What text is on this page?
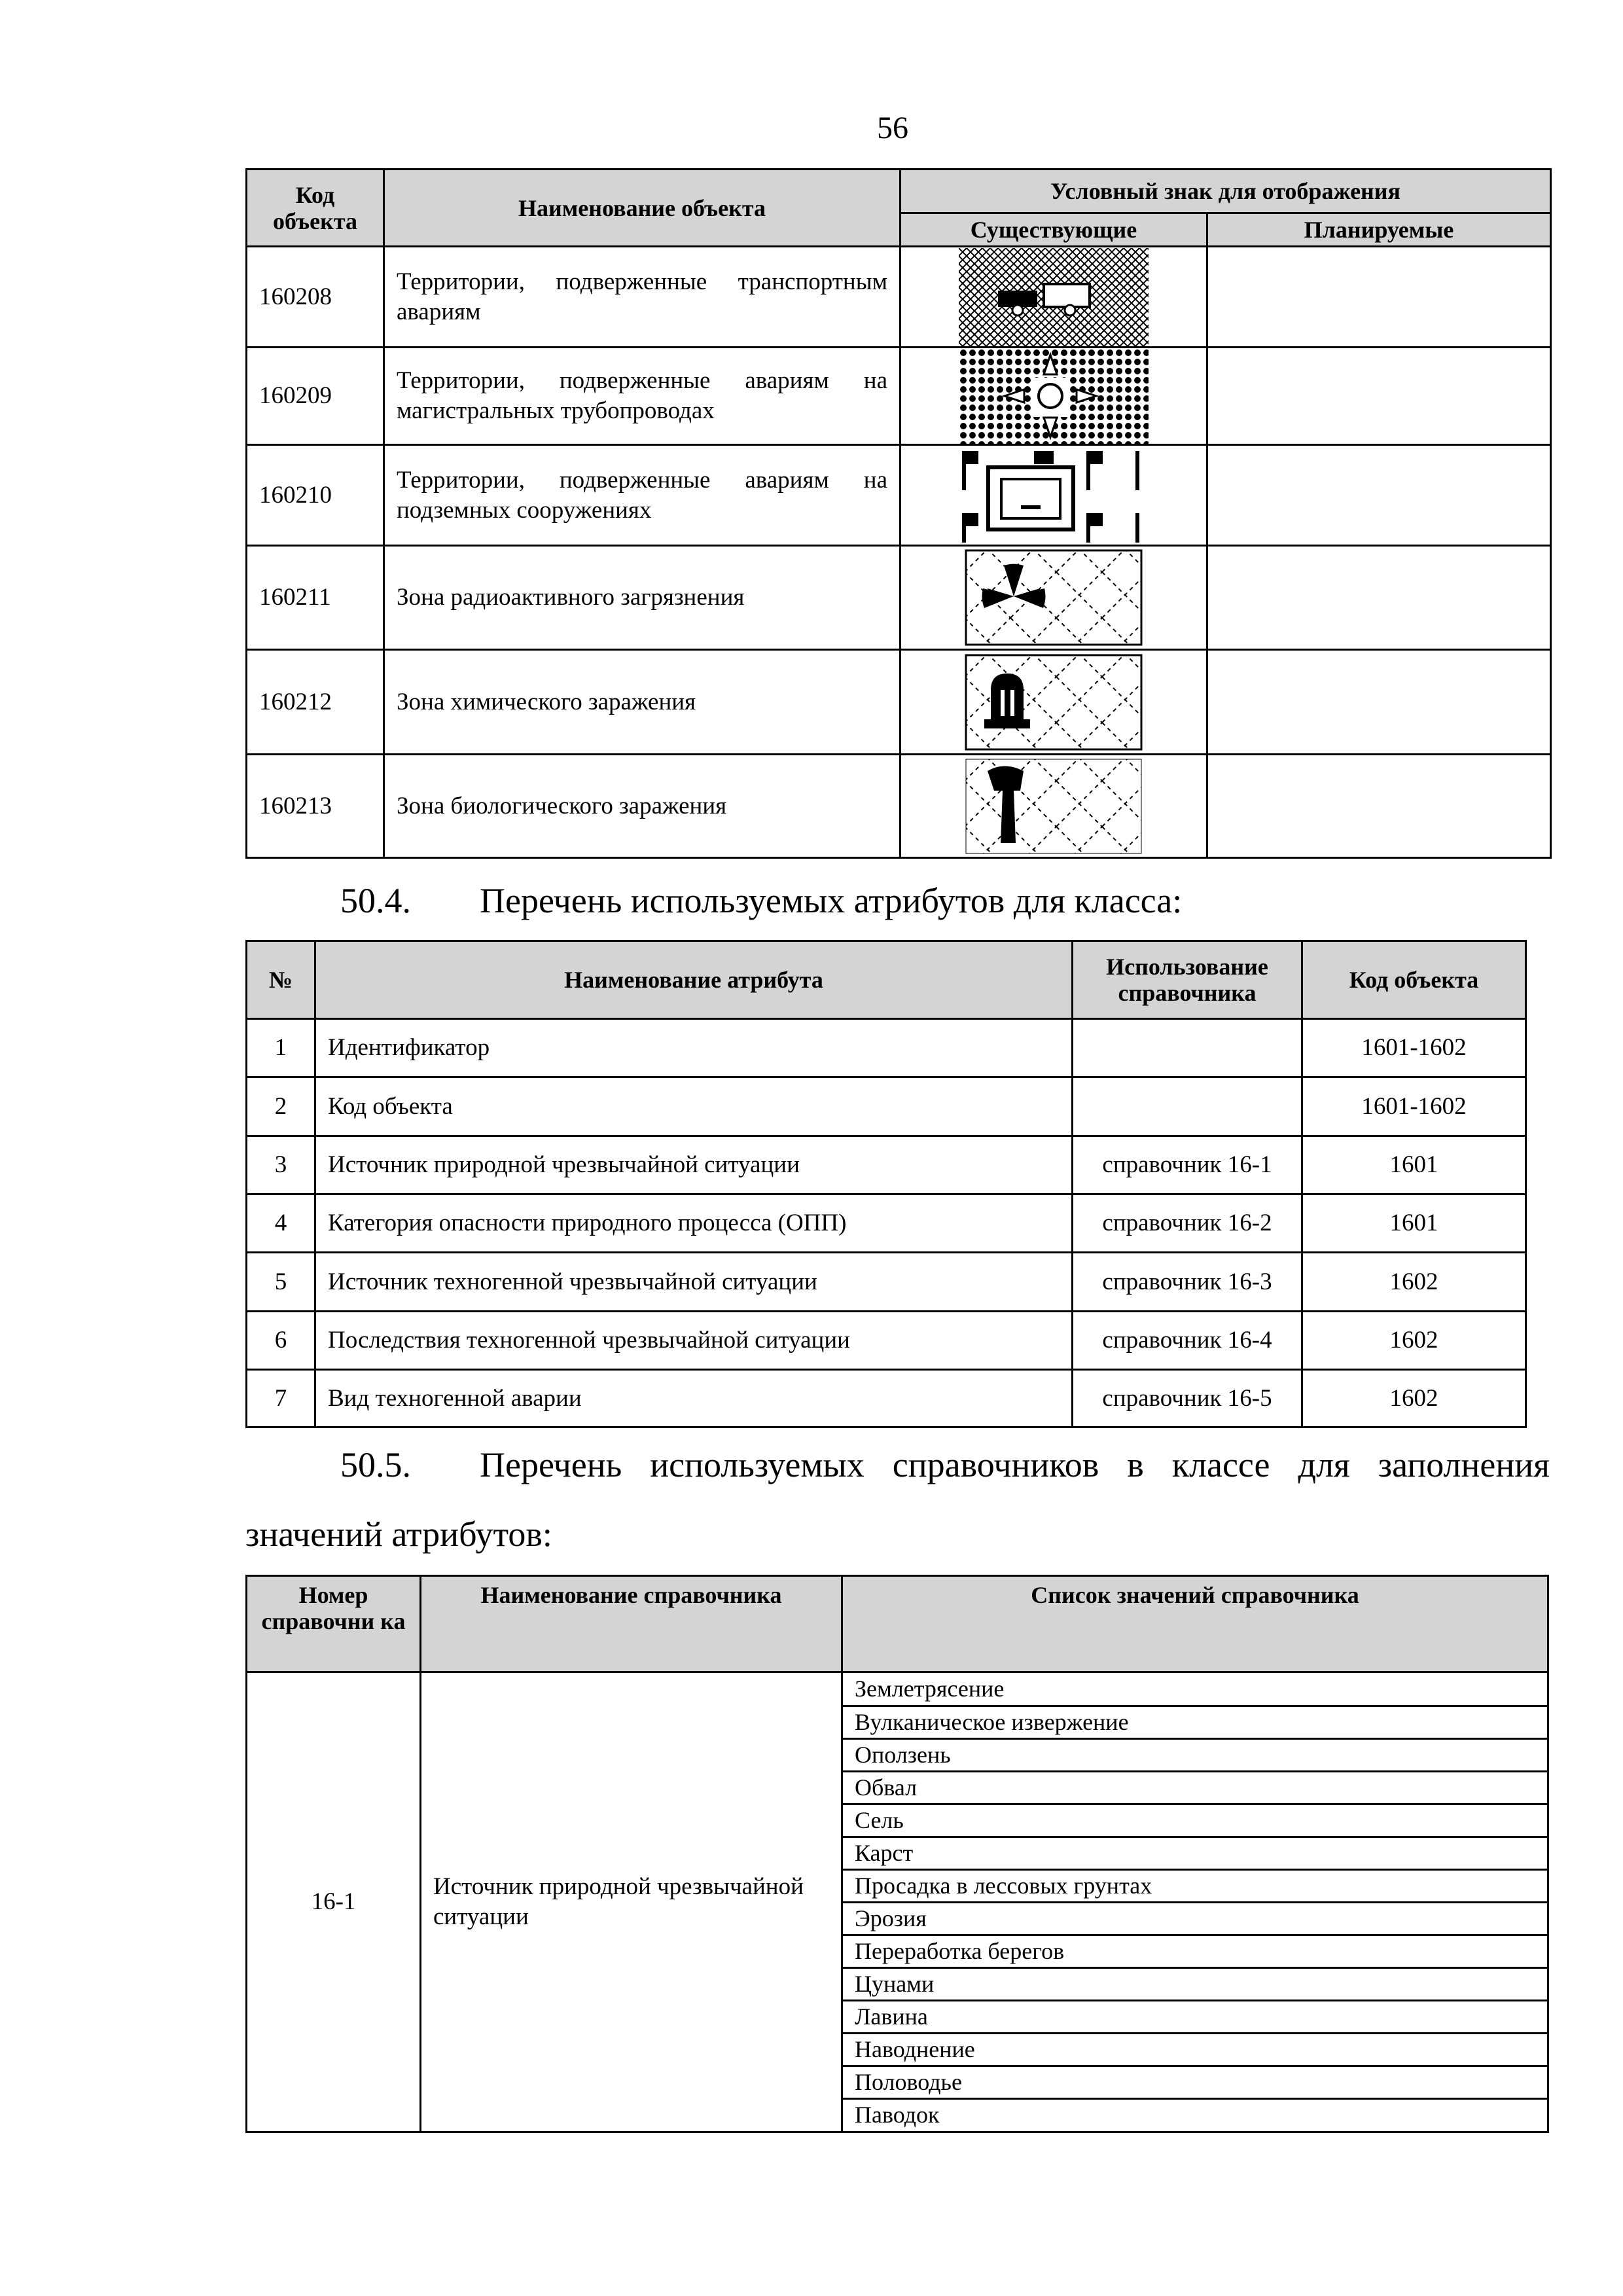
56
Код объекта	Наименование объекта	Условный знак для отображения	
		Существующие	Планируемые
160208	Территории, подверженные транспортным авариям	

160209	Территории, подверженные авариям на магистральных трубопроводах	

160210	Территории, подверженные авариям на подземных сооружениях	

160211	Зона радиоактивного загрязнения	

160212	Зона химического заражения	

160213	Зона биологического заражения	

50.4. Перечень используемых атрибутов для класса:
№	Наименование атрибута	Использование справочника	Код объекта
1	Идентификатор		1601-1602
2	Код объекта		1601-1602
3	Источник природной чрезвычайной ситуации	справочник 16-1	1601
4	Категория опасности природного процесса (ОПП)	справочник 16-2	1601
5	Источник техногенной чрезвычайной ситуации	справочник 16-3	1602
6	Последствия техногенной чрезвычайной ситуации	справочник 16-4	1602
7	Вид техногенной аварии	справочник 16-5	1602
50.5. Перечень используемых справочников в классе для заполнения
значений атрибутов:
Номер справочни ка	Наименование справочника	Список значений справочника
16-1	Источник природной чрезвычайной ситуации	
Землетрясение
Вулканическое извержение
Оползень
Обвал
Сель
Карст
Просадка в лессовых грунтах
Эрозия
Переработка берегов
Цунами
Лавина
Наводнение
Половодье
Паводок
